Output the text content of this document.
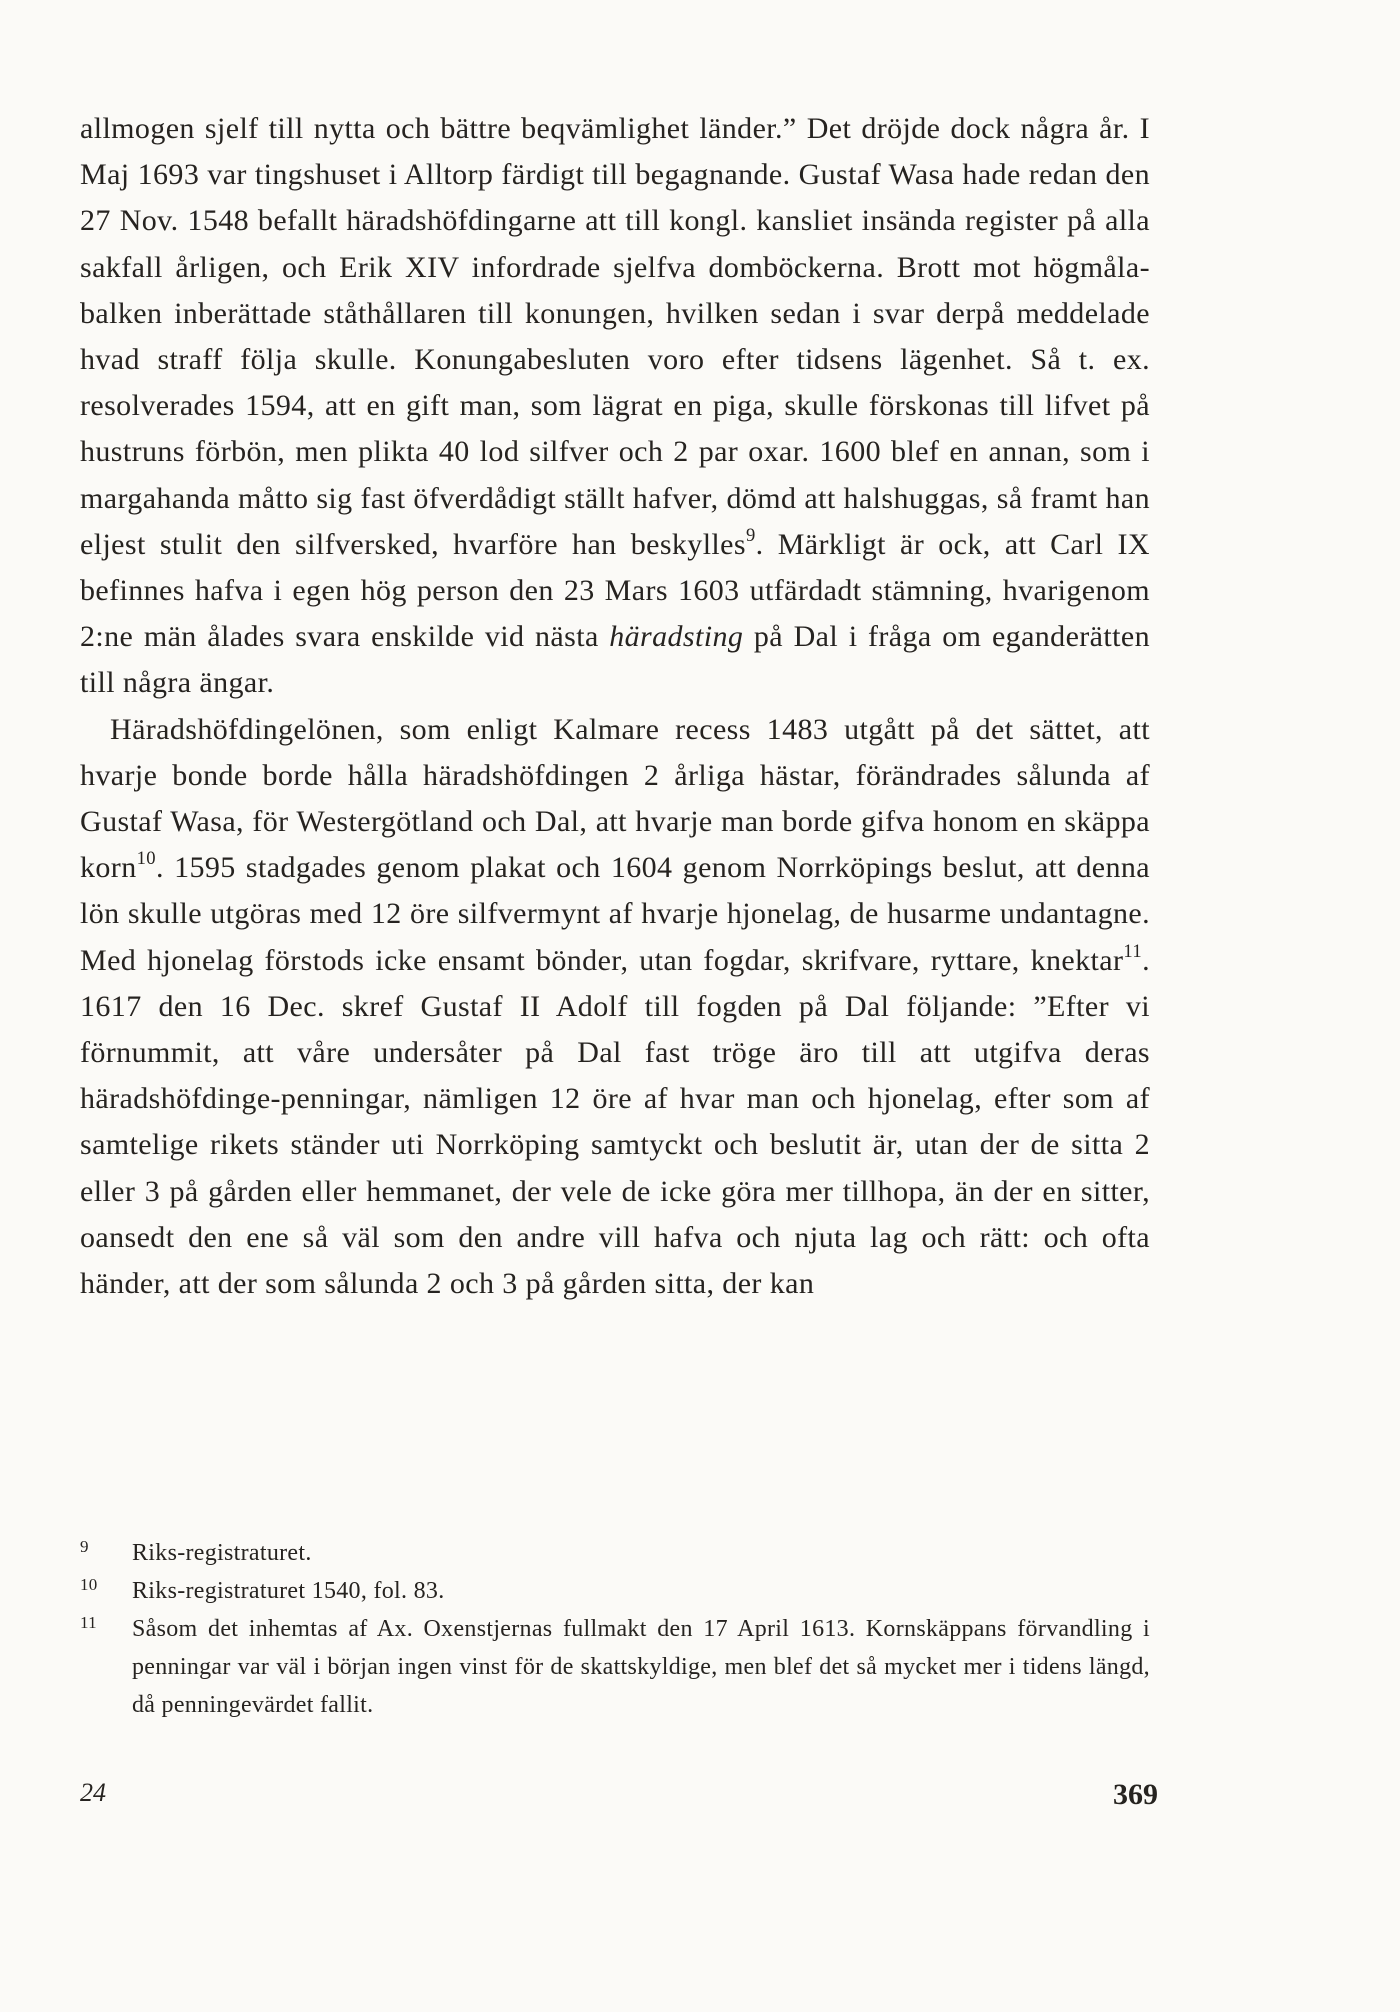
allmogen sjelf till nytta och bättre beqvämlighet länder.” Det dröjde dock några år. I Maj 1693 var tingshuset i Alltorp färdigt till begagnande. Gustaf Wasa hade redan den 27 Nov. 1548 befallt häradshöfdingarne att till kongl. kansliet insända register på alla sakfall årligen, och Erik XIV infordrade sjelfva domböckerna. Brott mot högmåla-balken inberättade ståthållaren till konungen, hvilken sedan i svar derpå meddelade hvad straff följa skulle. Konungabesluten voro efter tidsens lägenhet. Så t. ex. resolverades 1594, att en gift man, som lägrat en piga, skulle förskonas till lifvet på hustruns förbön, men plikta 40 lod silfver och 2 par oxar. 1600 blef en annan, som i margahanda måtto sig fast öfverdådigt ställt hafver, dömd att halshuggas, så framt han eljest stulit den silfversked, hvarföre han beskylles$^9$. Märkligt är ock, att Carl IX befinnes hafva i egen hög person den 23 Mars 1603 utfärdadt stämning, hvarigenom 2:ne män ålades svara enskilde vid nästa häradsting på Dal i fråga om eganderätten till några ängar.

Häradshöfdingelönen, som enligt Kalmare recess 1483 utgått på det sättet, att hvarje bonde borde hålla häradshöfdingen 2 årliga hästar, förändrades sålunda af Gustaf Wasa, för Westergötland och Dal, att hvarje man borde gifva honom en skäppa korn$^{10}$. 1595 stadgades genom plakat och 1604 genom Norrköpings beslut, att denna lön skulle utgöras med 12 öre silfvermynt af hvarje hjonelag, de husarme undantagne. Med hjonelag förstods icke ensamt bönder, utan fogdar, skrifvare, ryttare, knektar$^{11}$. 1617 den 16 Dec. skref Gustaf II Adolf till fogden på Dal följande: ”Efter vi förnummit, att våre undersåter på Dal fast tröge äro till att utgifva deras häradshöfdinge-penningar, nämligen 12 öre af hvar man och hjonelag, efter som af samtelige rikets ständer uti Norrköping samtyckt och beslutit är, utan der de sitta 2 eller 3 på gården eller hemmanet, der vele de icke göra mer tillhopa, än der en sitter, oansedt den ene så väl som den andre vill hafva och njuta lag och rätt: och ofta händer, att der som sålunda 2 och 3 på gården sitta, der kan

9 Riks-registraturet.
10 Riks-registraturet 1540, fol. 83.
11 Såsom det inhemtas af Ax. Oxenstjernas fullmakt den 17 April 1613. Kornskäppans förvandling i penningar var väl i början ingen vinst för de skattskyldige, men blef det så mycket mer i tidens längd, då penningevärdet fallit.
24	369
